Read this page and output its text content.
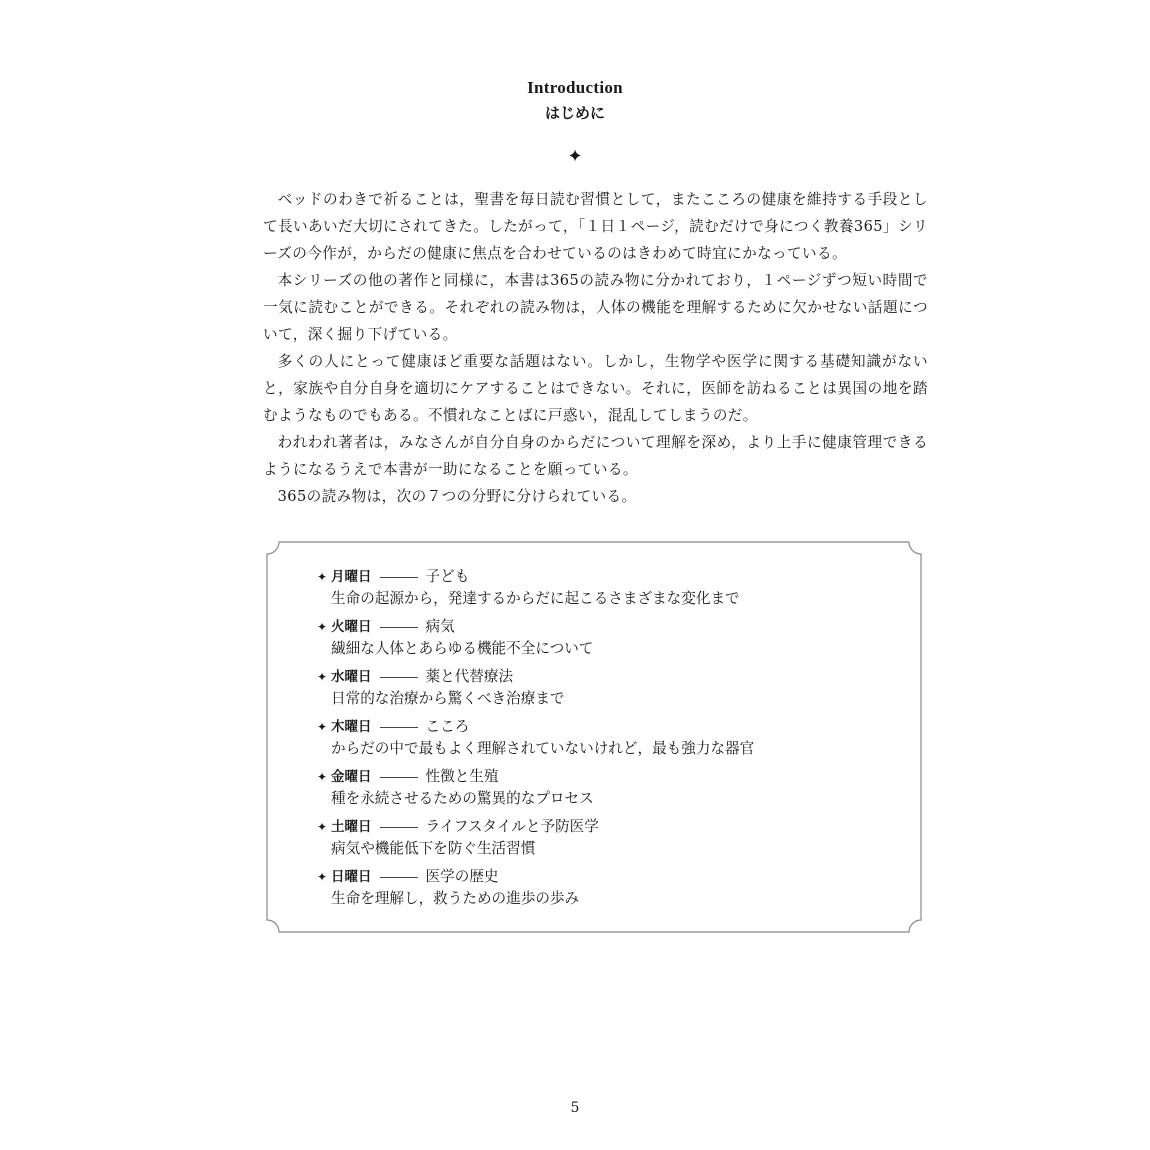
Introduction
はじめに
✦

ベッドのわきで祈ることは，聖書を毎日読む習慣として，またこころの健康を維持する手段として長いあいだ大切にされてきた。したがって，「１日１ページ，読むだけで身につく教養365」シリーズの今作が，からだの健康に焦点を合わせているのはきわめて時宜にかなっている。

本シリーズの他の著作と同様に，本書は365の読み物に分かれており，１ページずつ短い時間で一気に読むことができる。それぞれの読み物は，人体の機能を理解するために欠かせない話題について，深く掘り下げている。

多くの人にとって健康ほど重要な話題はない。しかし，生物学や医学に関する基礎知識がないと，家族や自分自身を適切にケアすることはできない。それに，医師を訪ねることは異国の地を踏むようなものでもある。不慣れなことばに戸惑い，混乱してしまうのだ。

われわれ著者は，みなさんが自分自身のからだについて理解を深め，より上手に健康管理できるようになるうえで本書が一助になることを願っている。

365の読み物は，次の７つの分野に分けられている。

✦ 月曜日	子ども
生命の起源から，発達するからだに起こるさまざまな変化まで
✦ 火曜日	病気
繊細な人体とあらゆる機能不全について
✦ 水曜日	薬と代替療法
日常的な治療から驚くべき治療まで
✦ 木曜日	こころ
からだの中で最もよく理解されていないけれど，最も強力な器官
✦ 金曜日	性徴と生殖
種を永続させるための驚異的なプロセス
✦ 土曜日	ライフスタイルと予防医学
病気や機能低下を防ぐ生活習慣
✦ 日曜日	医学の歴史
生命を理解し，救うための進歩の歩み
5
